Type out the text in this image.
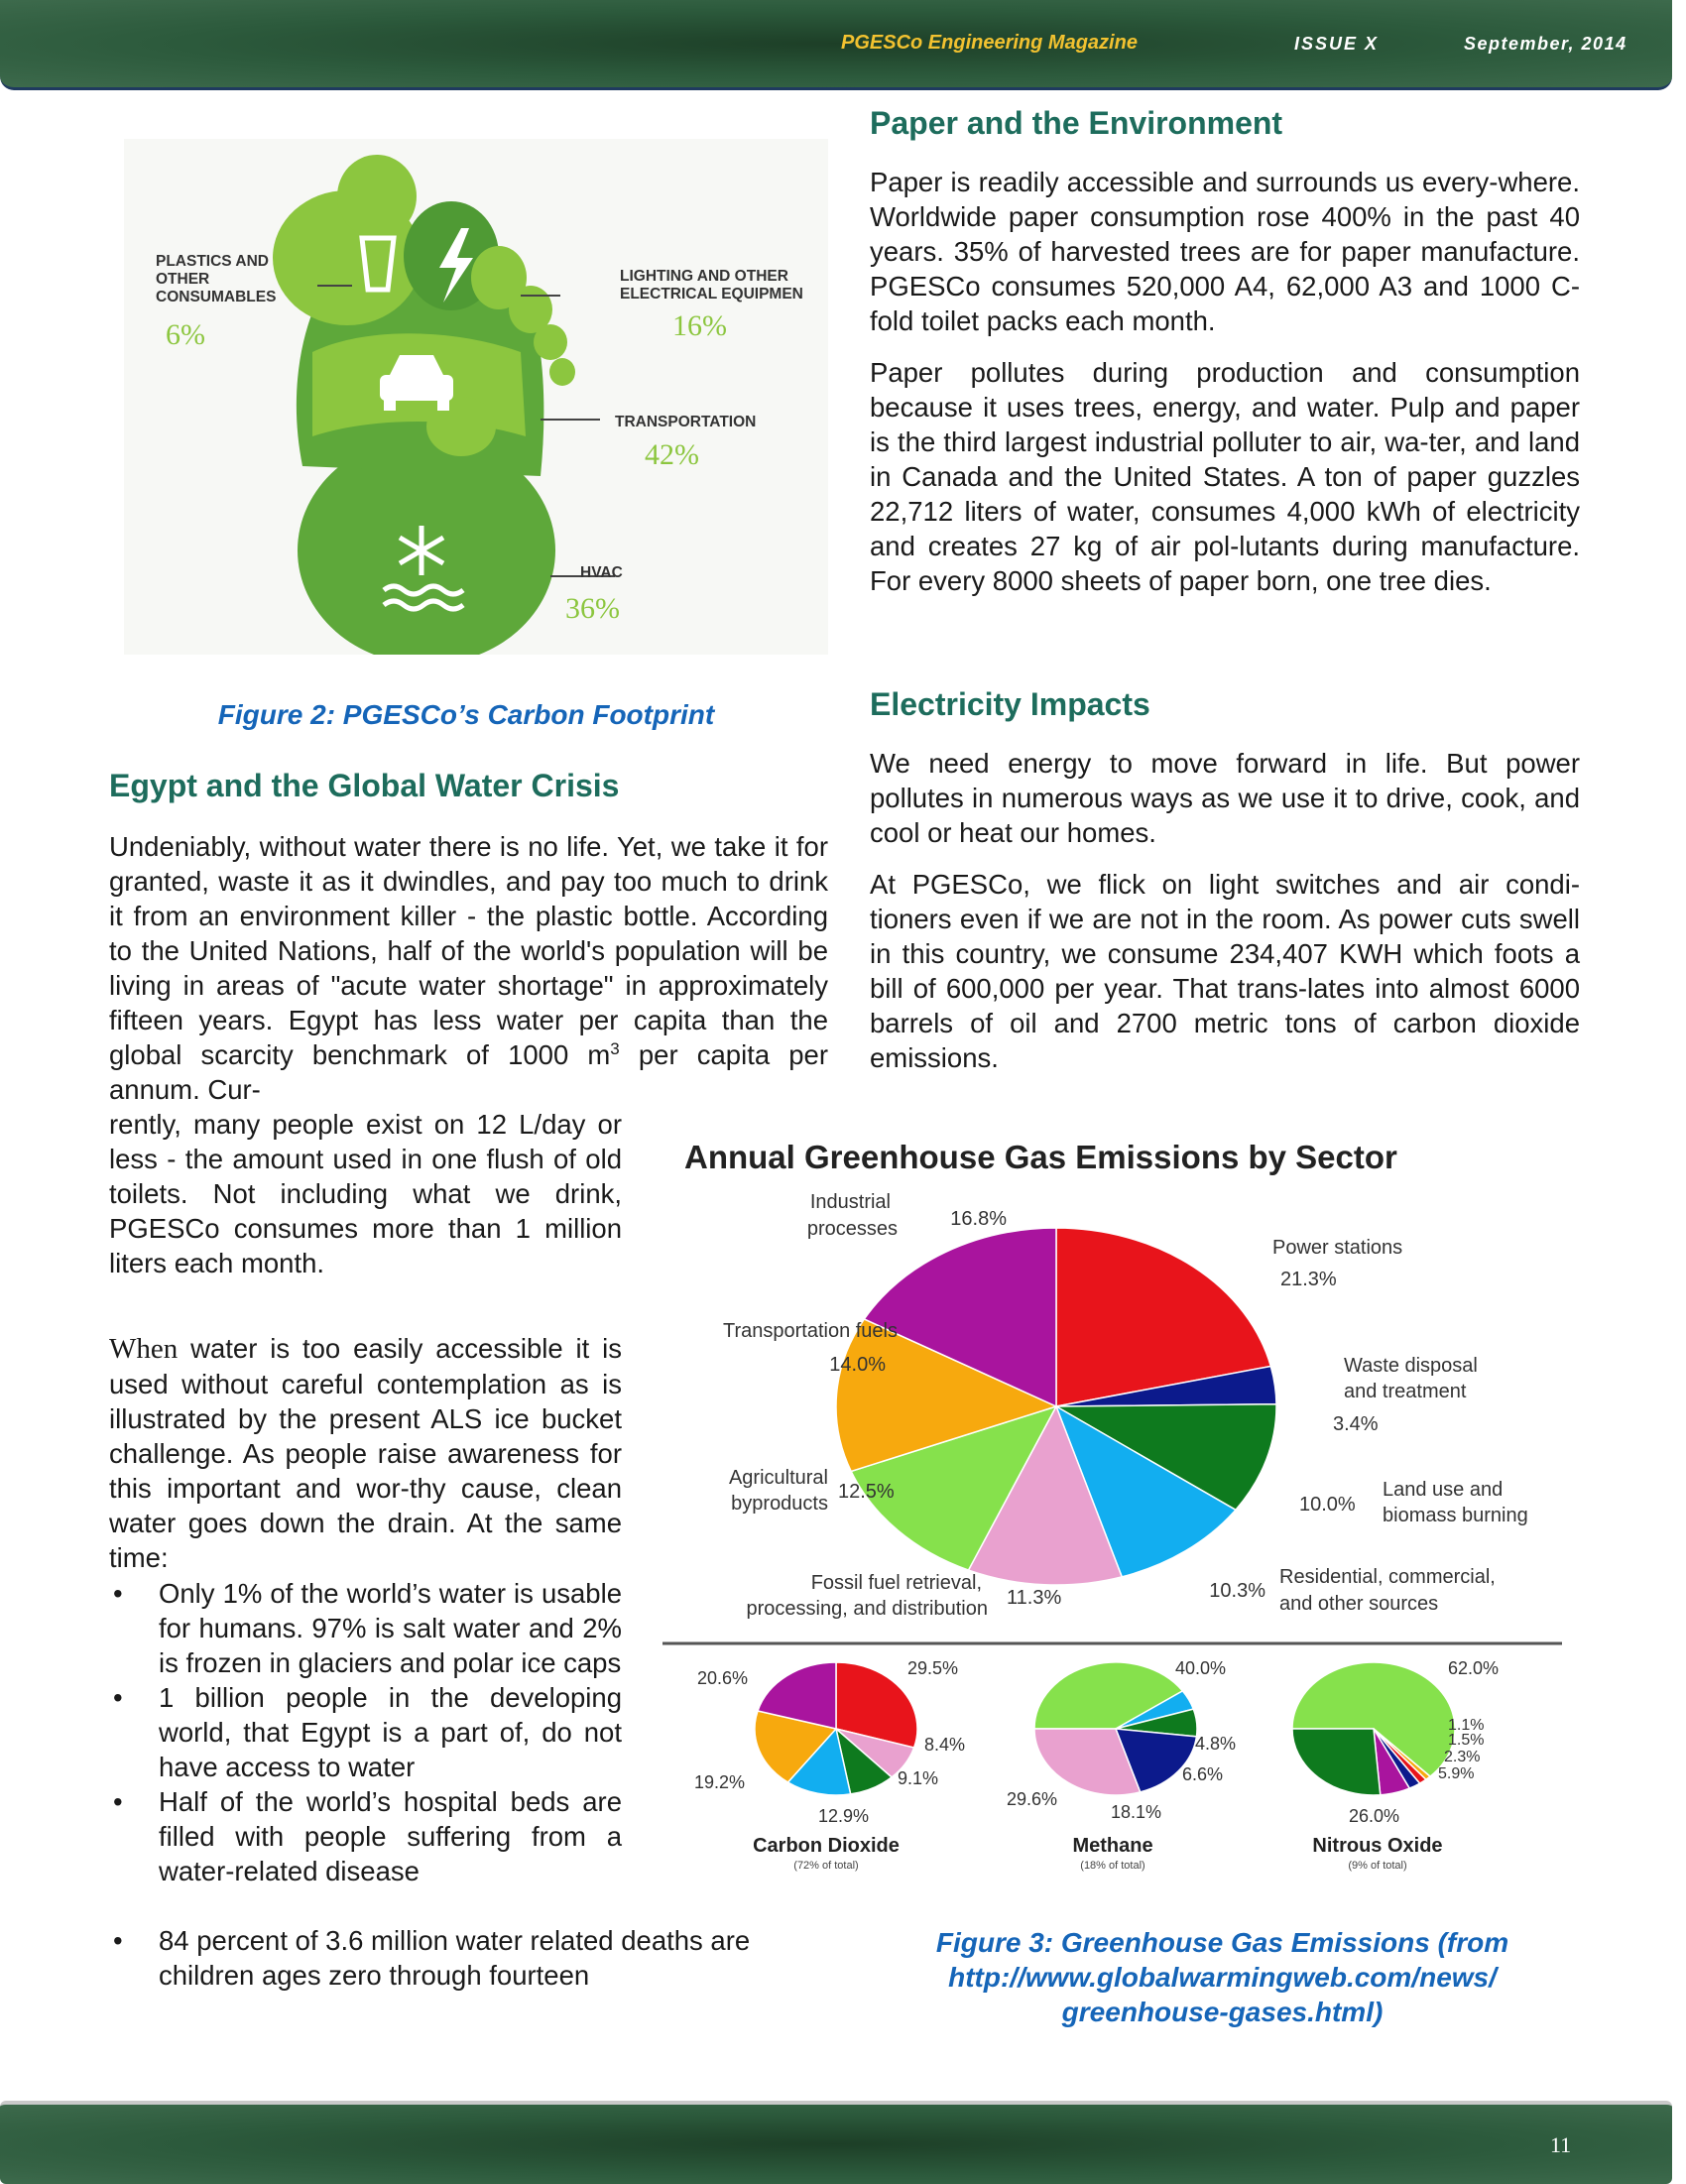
PGESCo Engineering Magazine	ISSUE X	September, 2014
PLASTICS AND
OTHER
CONSUMABLES
LIGHTING AND OTHER
ELECTRICAL EQUIPMEN
TRANSPORTATION
HVAC
6%	16%
42%
36%
Figure 2: PGESCo’s Carbon Footprint
Egypt and the Global Water Crisis
Undeniably, without water there is no life. Yet, we take it for granted, waste it as it dwindles, and pay too much to drink it from an environment killer - the plastic bottle. According to the United Nations, half of the world's population will be living in areas of "acute water shortage" in approximately fifteen years. Egypt has less water per capita than the global scarcity benchmark of 1000 $m^3$ per capita per annum. Cur-
rently, many people exist on 12 L/day or less - the amount used in one flush of old toilets. Not including what we drink, PGESCo consumes more than 1 million liters each month.
When water is too easily accessible it is used without careful contemplation as is illustrated by the present ALS ice bucket challenge. As people raise awareness for this important and wor-thy cause, clean water goes down the drain. At the same time:
• Only 1% of the world’s water is usable for humans. 97% is salt water and 2% is frozen in glaciers and polar ice caps
• 1 billion people in the developing world, that Egypt is a part of, do not have access to water
• Half of the world’s hospital beds are filled with people suffering from a water-related disease
• 84 percent of 3.6 million water related deaths are children ages zero through fourteen
Paper and the Environment

Paper is readily accessible and surrounds us every-where. Worldwide paper consumption rose 400% in the past 40 years. 35% of harvested trees are for paper manufacture. PGESCo consumes 520,000 A4, 62,000 A3 and 1000 C-fold toilet packs each month.

Paper pollutes during production and consumption because it uses trees, energy, and water. Pulp and paper is the third largest industrial polluter to air, wa-ter, and land in Canada and the United States. A ton of paper guzzles 22,712 liters of water, consumes 4,000 kWh of electricity and creates 27 kg of air pol-lutants during manufacture. For every 8000 sheets of paper born, one tree dies.

Electricity Impacts

We need energy to move forward in life. But power pollutes in numerous ways as we use it to drive, cook, and cool or heat our homes.

At PGESCo, we flick on light switches and air condi-tioners even if we are not in the room. As power cuts swell in this country, we consume 234,407 KWH which foots a bill of 600,000 per year. That trans-lates into almost 6000 barrels of oil and 2700 metric tons of carbon dioxide emissions.

Annual Greenhouse Gas Emissions by Sector
Industrial
processes	16.8%
Power stations
21.3%
Waste disposal
and treatment
3.4%
Land use and
biomass burning
10.0%
Residential, commercial,
and other sources
10.3%
Fossil fuel retrieval,
processing, and distribution 11.3%
Agricultural
byproducts
12.5%
Transportation fuels
14.0%
20.6%	29.5%
8.4%
9.1%
12.9%
19.2%
40.0%
4.8%
6.6%
18.1%
29.6%
62.0%
1.1%
1.5%
2.3%
5.9%
26.0%
Carbon Dioxide	Methane	Nitrous Oxide
(72% of total)	(18% of total)	(9% of total)
Figure 3: Greenhouse Gas Emissions (from
http://www.globalwarmingweb.com/news/
greenhouse-gases.html)
11
